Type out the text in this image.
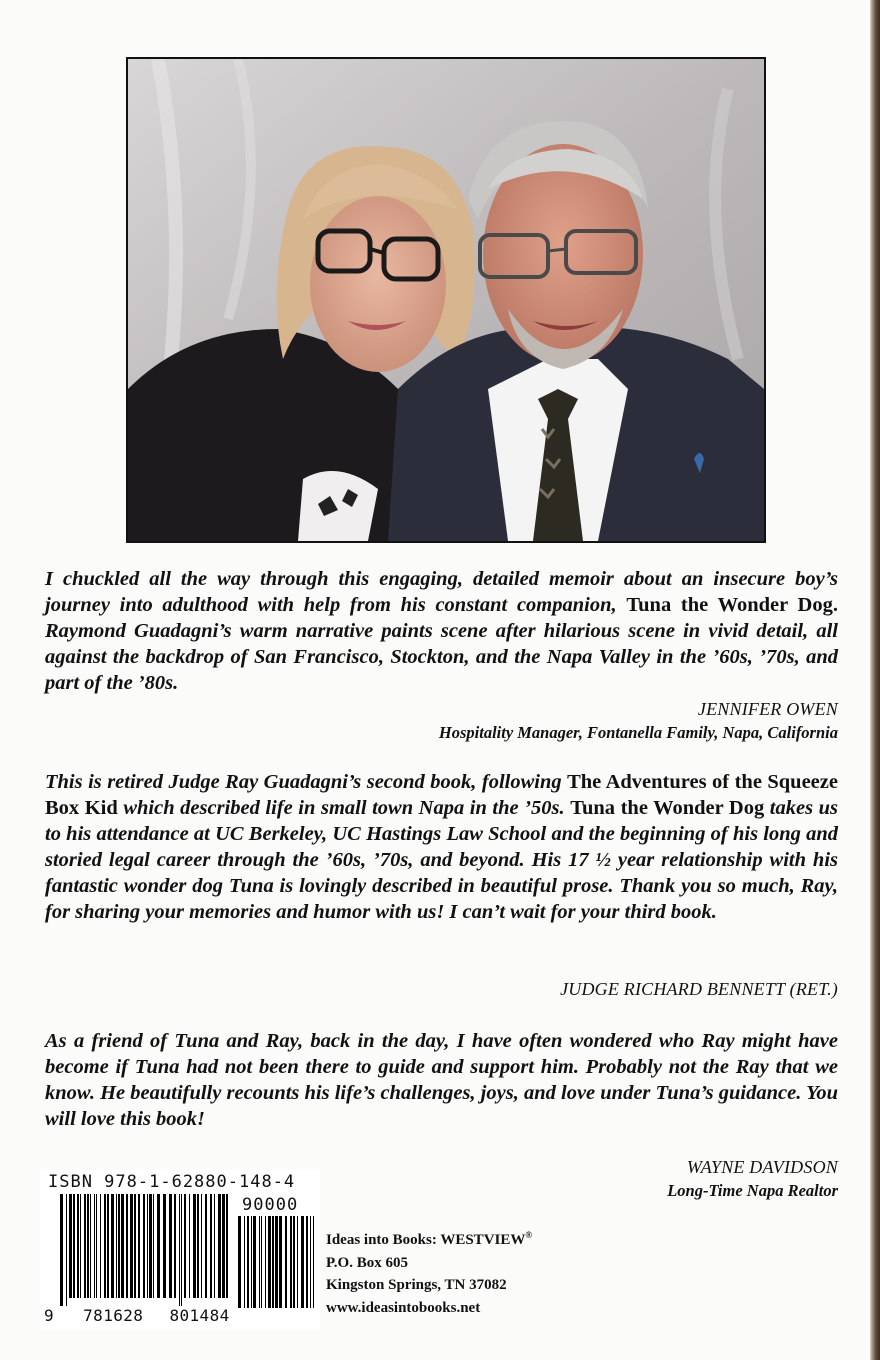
I chuckled all the way through this engaging, detailed memoir about an insecure boy’s journey into adulthood with help from his constant companion, Tuna the Wonder Dog. Raymond Guadagni’s warm narrative paints scene after hilarious scene in vivid detail, all against the backdrop of San Francisco, Stockton, and the Napa Valley in the ’60s, ’70s, and part of the ’80s.

JENNIFER OWEN
Hospitality Manager, Fontanella Family, Napa, California

This is retired Judge Ray Guadagni’s second book, following The Adventures of the Squeeze Box Kid which described life in small town Napa in the ’50s. Tuna the Wonder Dog takes us to his attendance at UC Berkeley, UC Hastings Law School and the beginning of his long and storied legal career through the ’60s, ’70s, and beyond. His 17 ½ year relationship with his fantastic wonder dog Tuna is lovingly described in beautiful prose. Thank you so much, Ray, for sharing your memories and humor with us! I can’t wait for your third book.

JUDGE RICHARD BENNETT (RET.)

As a friend of Tuna and Ray, back in the day, I have often wondered who Ray might have become if Tuna had not been there to guide and support him. Probably not the Ray that we know. He beautifully recounts his life’s challenges, joys, and love under Tuna’s guidance. You will love this book!

WAYNE DAVIDSON
Long-Time Napa Realtor
ISBN 978-1-62880-148-4
90000
9 781628 801484
Ideas into Books: WESTVIEW®
P.O. Box 605
Kingston Springs, TN 37082
www.ideasintobooks.net
